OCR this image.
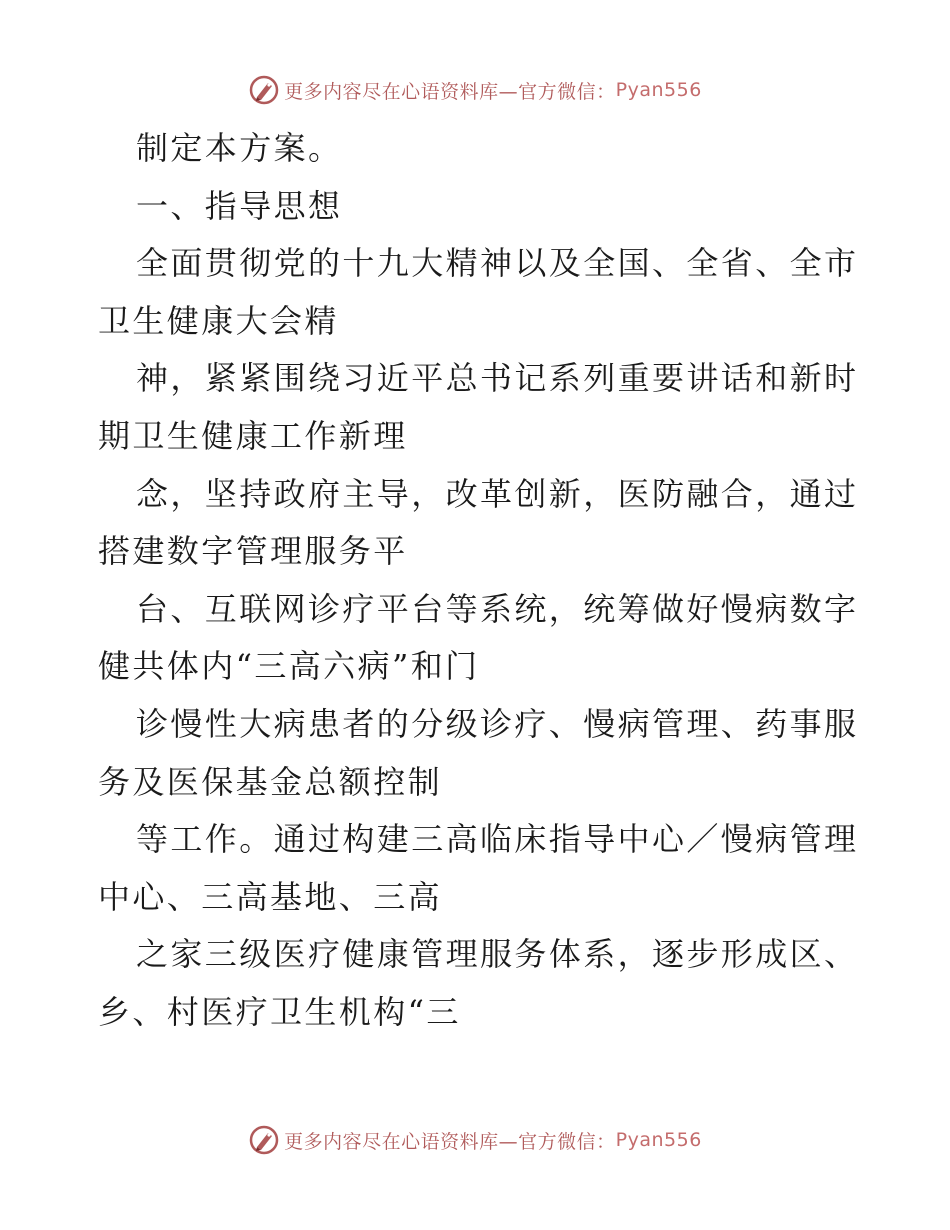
更多内容尽在心语资料库—官方微信： Pyan556
制定本方案。
一、指导思想
全面贯彻党的十九大精神以及全国、全省、全市
卫生健康大会精
神，紧紧围绕习近平总书记系列重要讲话和新时
期卫生健康工作新理
念，坚持政府主导，改革创新，医防融合，通过
搭建数字管理服务平
台、互联网诊疗平台等系统，统筹做好慢病数字
健共体内“三高六病”和门
诊慢性大病患者的分级诊疗、慢病管理、药事服
务及医保基金总额控制
等工作。通过构建三高临床指导中心／慢病管理
中心、三高基地、三高
之家三级医疗健康管理服务体系，逐步形成区、
乡、村医疗卫生机构“三
更多内容尽在心语资料库—官方微信： Pyan556
